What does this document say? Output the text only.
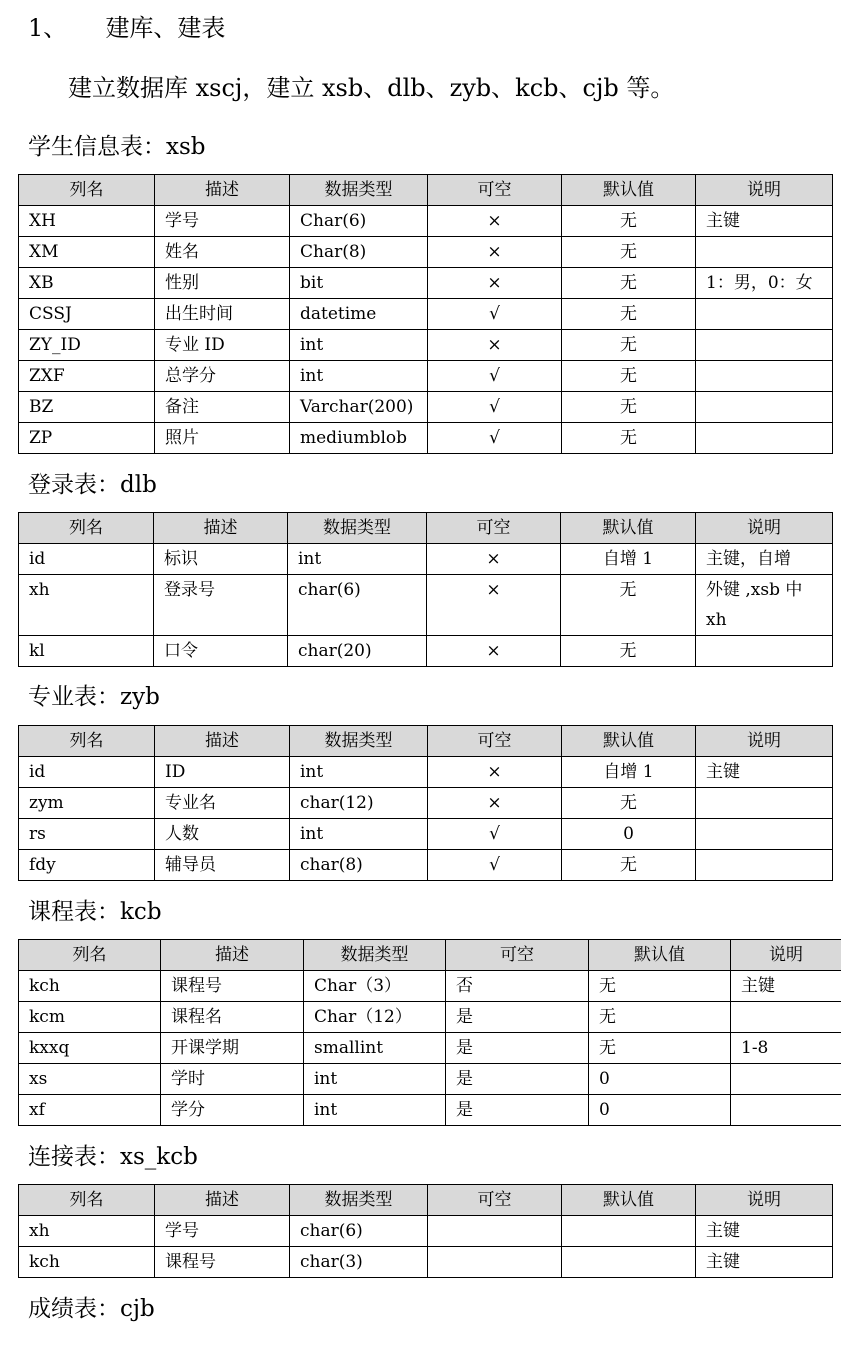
1、 建库、建表
建立数据库 xscj，建立 xsb、dlb、zyb、kcb、cjb 等。
学生信息表：xsb
列名	描述	数据类型	可空	默认值	说明
XH	学号	Char(6)	×	无	主键
XM	姓名	Char(8)	×	无	
XB	性别	bit	×	无	1：男，0：女
CSSJ	出生时间	datetime	√	无	
ZY_ID	专业 ID	int	×	无	
ZXF	总学分	int	√	无	
BZ	备注	Varchar(200)	√	无	
ZP	照片	mediumblob	√	无	
登录表：dlb
列名	描述	数据类型	可空	默认值	说明
id	标识	int	×	自增 1	主键，自增
xh	登录号	char(6)	×	无	外键 ,xsb 中 xh
kl	口令	char(20)	×	无	
专业表：zyb
列名	描述	数据类型	可空	默认值	说明
id	ID	int	×	自增 1	主键
zym	专业名	char(12)	×	无	
rs	人数	int	√	0	
fdy	辅导员	char(8)	√	无	
课程表：kcb
列名	描述	数据类型	可空	默认值	说明
kch	课程号	Char（3）	否	无	主键
kcm	课程名	Char（12）	是	无	
kxxq	开课学期	smallint	是	无	1-8
xs	学时	int	是	0	
xf	学分	int	是	0	
连接表：xs_kcb
列名	描述	数据类型	可空	默认值	说明
xh	学号	char(6)			主键
kch	课程号	char(3)			主键
成绩表：cjb
